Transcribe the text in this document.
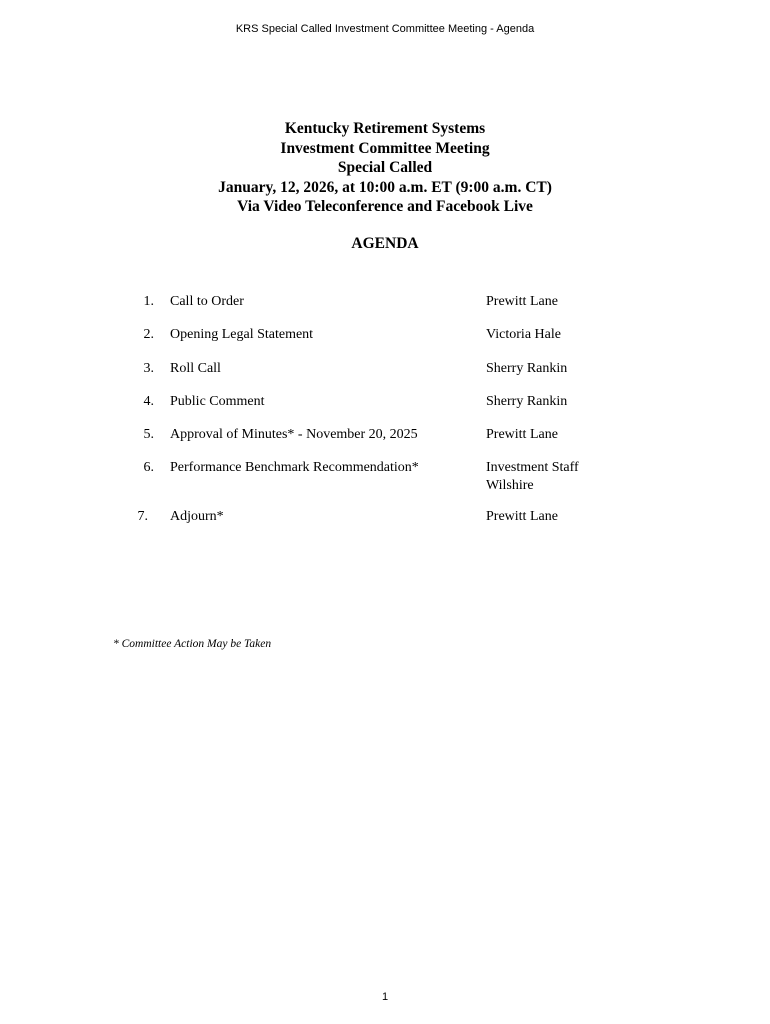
KRS Special Called Investment Committee Meeting - Agenda
Kentucky Retirement Systems
Investment Committee Meeting
Special Called
January, 12, 2026, at 10:00 a.m. ET (9:00 a.m. CT)
Via Video Teleconference and Facebook Live
AGENDA
1. Call to Order	Prewitt Lane
2. Opening Legal Statement	Victoria Hale
3. Roll Call	Sherry Rankin
4. Public Comment	Sherry Rankin
5. Approval of Minutes* - November 20, 2025	Prewitt Lane
6. Performance Benchmark Recommendation*	Investment Staff
Wilshire
7. Adjourn*	Prewitt Lane
* Committee Action May be Taken
1
